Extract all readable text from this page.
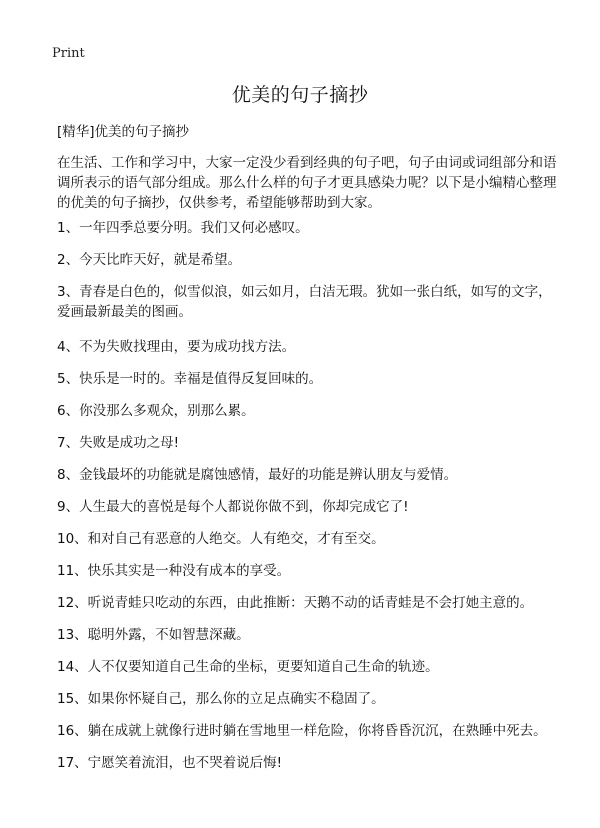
Print
优美的句子摘抄

[精华]优美的句子摘抄

在生活、工作和学习中，大家一定没少看到经典的句子吧，句子由词或词组部分和语调所表示的语气部分组成。那么什么样的句子才更具感染力呢？以下是小编精心整理的优美的句子摘抄，仅供参考，希望能够帮助到大家。

1、一年四季总要分明。我们又何必感叹。
2、今天比昨天好，就是希望。
3、青春是白色的，似雪似浪，如云如月，白洁无瑕。犹如一张白纸，如写的文字，爱画最新最美的图画。
4、不为失败找理由，要为成功找方法。
5、快乐是一时的。幸福是值得反复回味的。
6、你没那么多观众，别那么累。
7、失败是成功之母!
8、金钱最坏的功能就是腐蚀感情，最好的功能是辨认朋友与爱情。
9、人生最大的喜悦是每个人都说你做不到，你却完成它了!
10、和对自己有恶意的人绝交。人有绝交，才有至交。
11、快乐其实是一种没有成本的享受。
12、听说青蛙只吃动的东西，由此推断：天鹅不动的话青蛙是不会打她主意的。
13、聪明外露，不如智慧深藏。
14、人不仅要知道自己生命的坐标，更要知道自己生命的轨迹。
15、如果你怀疑自己，那么你的立足点确实不稳固了。
16、躺在成就上就像行进时躺在雪地里一样危险，你将昏昏沉沉，在熟睡中死去。
17、宁愿笑着流泪，也不哭着说后悔!
